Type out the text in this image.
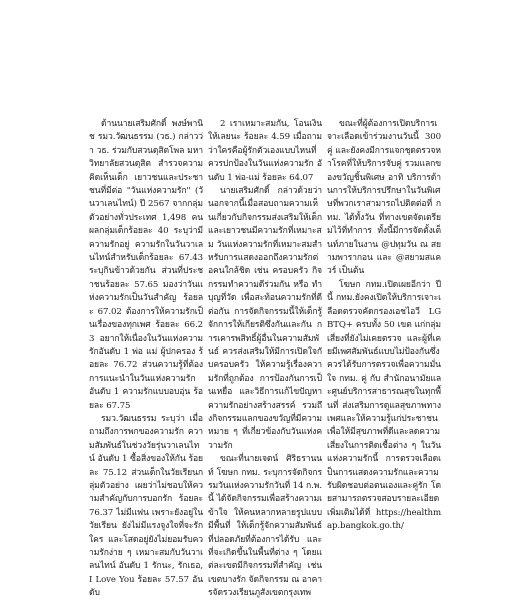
ด้านนายเสริมศักดิ์ พงษ์พานิช รมว.วัฒนธรรม (วธ.) กล่าวว่า วธ. ร่วมกับสวนดุสิตโพล มหาวิทยาลัยสวนดุสิต สำรวจความคิดเห็นเด็ก เยาวชนและประชาชนที่มีต่อ "วันแห่งความรัก" (วันวาเลนไทน์) ปี 2567 จากกลุ่มตัวอย่างทั่วประเทศ 1,498 คน ผลกลุ่มเด็กร้อยละ 40 ระบุว่ามีความรักอยู่ ความรักในวันวาเลนไทน์สำหรับเด็กร้อยละ 67.43 ระบุกินข้าวด้วยกัน ส่วนที่ประชาชนร้อยละ 57.65 มองว่าวันแห่งความรักเป็นวันสำคัญ ร้อยละ 67.02 ต้องการให้ความรักเป็นเรื่องของทุกเพศ ร้อยละ 66.23 อยากให้เนื่องในวันแห่งความรักอันดับ 1 พ่อ แม่ ผู้ปกครอง ร้อยละ 76.72 ส่วนความรู้ที่ต้องการแนะนำในวันแห่งความรัก อันดับ 1 ความรักแบบอบอุ่น ร้อยละ 67.75

รมว.วัฒนธรรม ระบุว่า เมื่อถามถึงการพกของความรัก ความสัมพันธ์ในช่วงวัยรุ่นวาเลนไทน์ อันดับ 1 ซื้อสิ่งของให้กัน ร้อยละ 75.12 ส่วนเด็กในวัยเรียนกลุ่มตัวอย่าง เผยว่าไม่ชอบให้ความสำคัญกับการบอกรัก ร้อยละ 76.37 ไม่มีแฟน เพราะยังอยู่ในวัยเรียน ยังไม่มีแรงจูงใจที่จะรักใคร และโสดอยู่ยังไม่ยอมรับความรักง่าย ๆ เหมาะสมกับวันวาเลนไทน์ อันดับ 1 รักนะ, รักเธอ, I Love You ร้อยละ 57.57 อันดับ

2 เราเหมาะสมกัน, โอนเงินให้เลยนะ ร้อยละ 4.59 เมื่อถามว่าใครคือผู้รักตัวเองแบบไหนที่ควรปกป้องในวันแห่งความรัก อันดับ 1 พ่อ-แม่ ร้อยละ 64.07

นายเสริมศักดิ์ กล่าวด้วยว่า นอกจากนี้เมื่อสอบถามความเห็นเกี่ยวกับกิจกรรมส่งเสริมให้เด็กและเยาวชนมีความรักที่เหมาะสม วันแห่งความรักที่เหมาะสมสำหรับการแสดงออกถึงความรักต่อคนใกล้ชิด เช่น ครอบครัว กิจกรรมทำความดีร่วมกัน หรือ ทำบุญที่วัด เพื่อสะท้อนความรักที่ดีต่อกัน การจัดกิจกรรมนี้ให้เด็กรู้จักการให้เกียรติซึ่งกันและกัน การเคารพสิทธิ์ผู้อื่นในความสัมพันธ์ ควรส่งเสริมให้มีการเปิดใจกับครอบครัว ให้ความรู้เรื่องความรักที่ถูกต้อง การป้องกันการเป็นเหยื่อ และวิธีการแก้ไขปัญหาความรักอย่างสร้างสรรค์ รวมถึงกิจกรรมแลกของขวัญที่มีความหมาย ๆ ที่เกี่ยวข้องกับวันแห่งความรัก

ขณะที่นายเจตน์ ศิริธรานนท์ โฆษก กทม. ระบุการจัดกิจกรรมวันแห่งความรักวันที่ 14 ก.พ. นี้ ได้จัดกิจกรรมเพื่อสร้างความเข้าใจ ให้คนหลากหลายรูปแบบมีพื้นที่ ให้เด็กรู้จักความสัมพันธ์ที่ปลอดภัยที่ต้องการได้รับ และที่จะเกิดขึ้นในพื้นที่ต่าง ๆ โดยแต่ละเขตมีกิจกรรมที่สำคัญ เช่น เขตบางรัก จัดกิจกรรม ณ อาคารจัดรวงเรียนภูสังเขตกรุงเทพ

ขณะที่ผู้ต้องการเปิดบริการเจาะเลือดเข้าร่วมงานวันนี้ 300 คู่ และยังคงมีการแจกชุดตรวจหาโรคที่ให้บริการจับคู่ รวมแลกของขวัญชิ้นพิเศษ อาทิ บริการด้านการให้บริการปรึกษาในวันพิเศษที่พวกเราสามารถไปติดต่อที่ กทม. ได้ทั้งวัน ที่ทางเขตจัดเตรียมไว้ที่ทำการ ทั้งนี้มีการจัดตั้งเต็นท์ภายในงาน @ปทุมวัน ณ สยามพารากอน และ @สยามสแควร์ เป็นต้น

โฆษก กทม.เปิดเผยอีกว่า ปีนี้ กทม.ยังคงเปิดให้บริการเจาะเลือดตรวจคัดกรองเอชไอวี LGBTQ+ ครบทั้ง 50 เขต แก่กลุ่มเสี่ยงที่ยังไม่เคยตรวจ และผู้ที่เคยมีเพศสัมพันธ์แบบไม่ป้องกันซึ่งควรได้รับการตรวจเพื่อความมั่นใจ กทม. คู่ กับ สำนักอนามัยและศูนย์บริการสาธารณสุขในทุกพื้นที่ ส่งเสริมการดูแลสุขภาพทางเพศและให้ความรู้แก่ประชาชน เพื่อให้มีสุขภาพที่ดีและลดความเสี่ยงในการติดเชื้อต่าง ๆ ในวันแห่งความรักนี้ การตรวจเลือดเป็นการแสดงความรักและความรับผิดชอบต่อตนเองและคู่รัก โดยสามารถตรวจสอบรายละเอียดเพิ่มเติมได้ที่ https://healthmap.bangkok.go.th/
